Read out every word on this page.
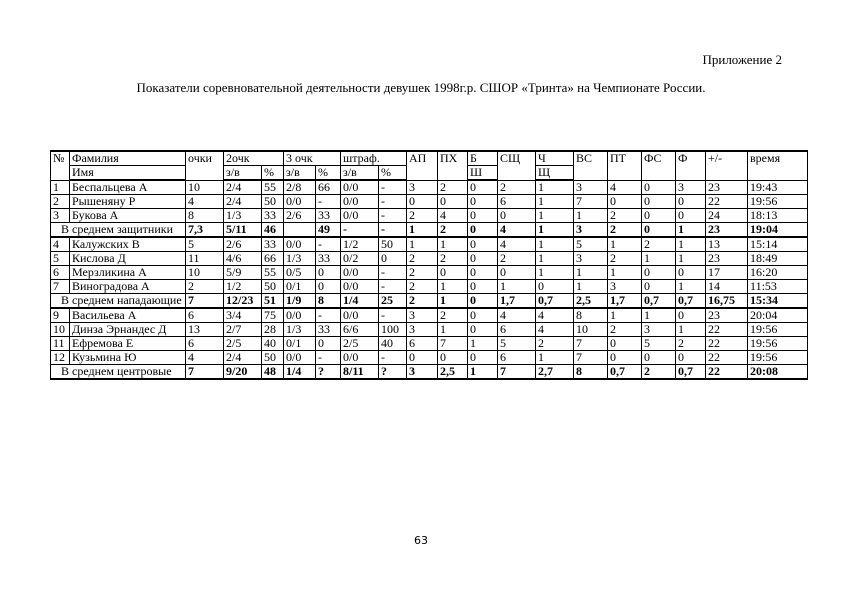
Приложение 2
Показатели соревновательной деятельности девушек 1998г.р. СШОР «Тринта» на Чемпионате России.
№	Фамилия	очки	2очк		3 очк		штраф.		АП	ПХ	Б	СЩ	Ч	ВС	ПТ	ФС	Ф	+/-	время
	Имя		з/в	%	з/в	%	з/в	%			Ш		Щ						
1	Беспальцева А	10	2/4	55	2/8	66	0/0	-	3	2	0	2	1	3	4	0	3	23	19:43
2	Рышеняну Р	4	2/4	50	0/0	-	0/0	-	0	0	0	6	1	7	0	0	0	22	19:56
3	Букова А	8	1/3	33	2/6	33	0/0	-	2	4	0	0	1	1	2	0	0	24	18:13
В среднем защитники		7,3	5/11	46		49	-	-	1	2	0	4	1	3	2	0	1	23	19:04
4	Калужских В	5	2/6	33	0/0	-	1/2	50	1	1	0	4	1	5	1	2	1	13	15:14
5	Кислова Д	11	4/6	66	1/3	33	0/2	0	2	2	0	2	1	3	2	1	1	23	18:49
6	Мерзликина А	10	5/9	55	0/5	0	0/0	-	2	0	0	0	1	1	1	0	0	17	16:20
7	Виноградова А	2	1/2	50	0/1	0	0/0	-	2	1	0	1	0	1	3	0	1	14	11:53
В среднем нападающие		7	12/23	51	1/9	8	1/4	25	2	1	0	1,7	0,7	2,5	1,7	0,7	0,7	16,75	15:34
9	Васильева А	6	3/4	75	0/0	-	0/0	-	3	2	0	4	4	8	1	1	0	23	20:04
10	Динза Эрнандес Д	13	2/7	28	1/3	33	6/6	100	3	1	0	6	4	10	2	3	1	22	19:56
11	Ефремова Е	6	2/5	40	0/1	0	2/5	40	6	7	1	5	2	7	0	5	2	22	19:56
12	Кузьмина Ю	4	2/4	50	0/0	-	0/0	-	0	0	0	6	1	7	0	0	0	22	19:56
В среднем центровые		7	9/20	48	1/4	?	8/11	?	3	2,5	1	7	2,7	8	0,7	2	0,7	22	20:08
63
